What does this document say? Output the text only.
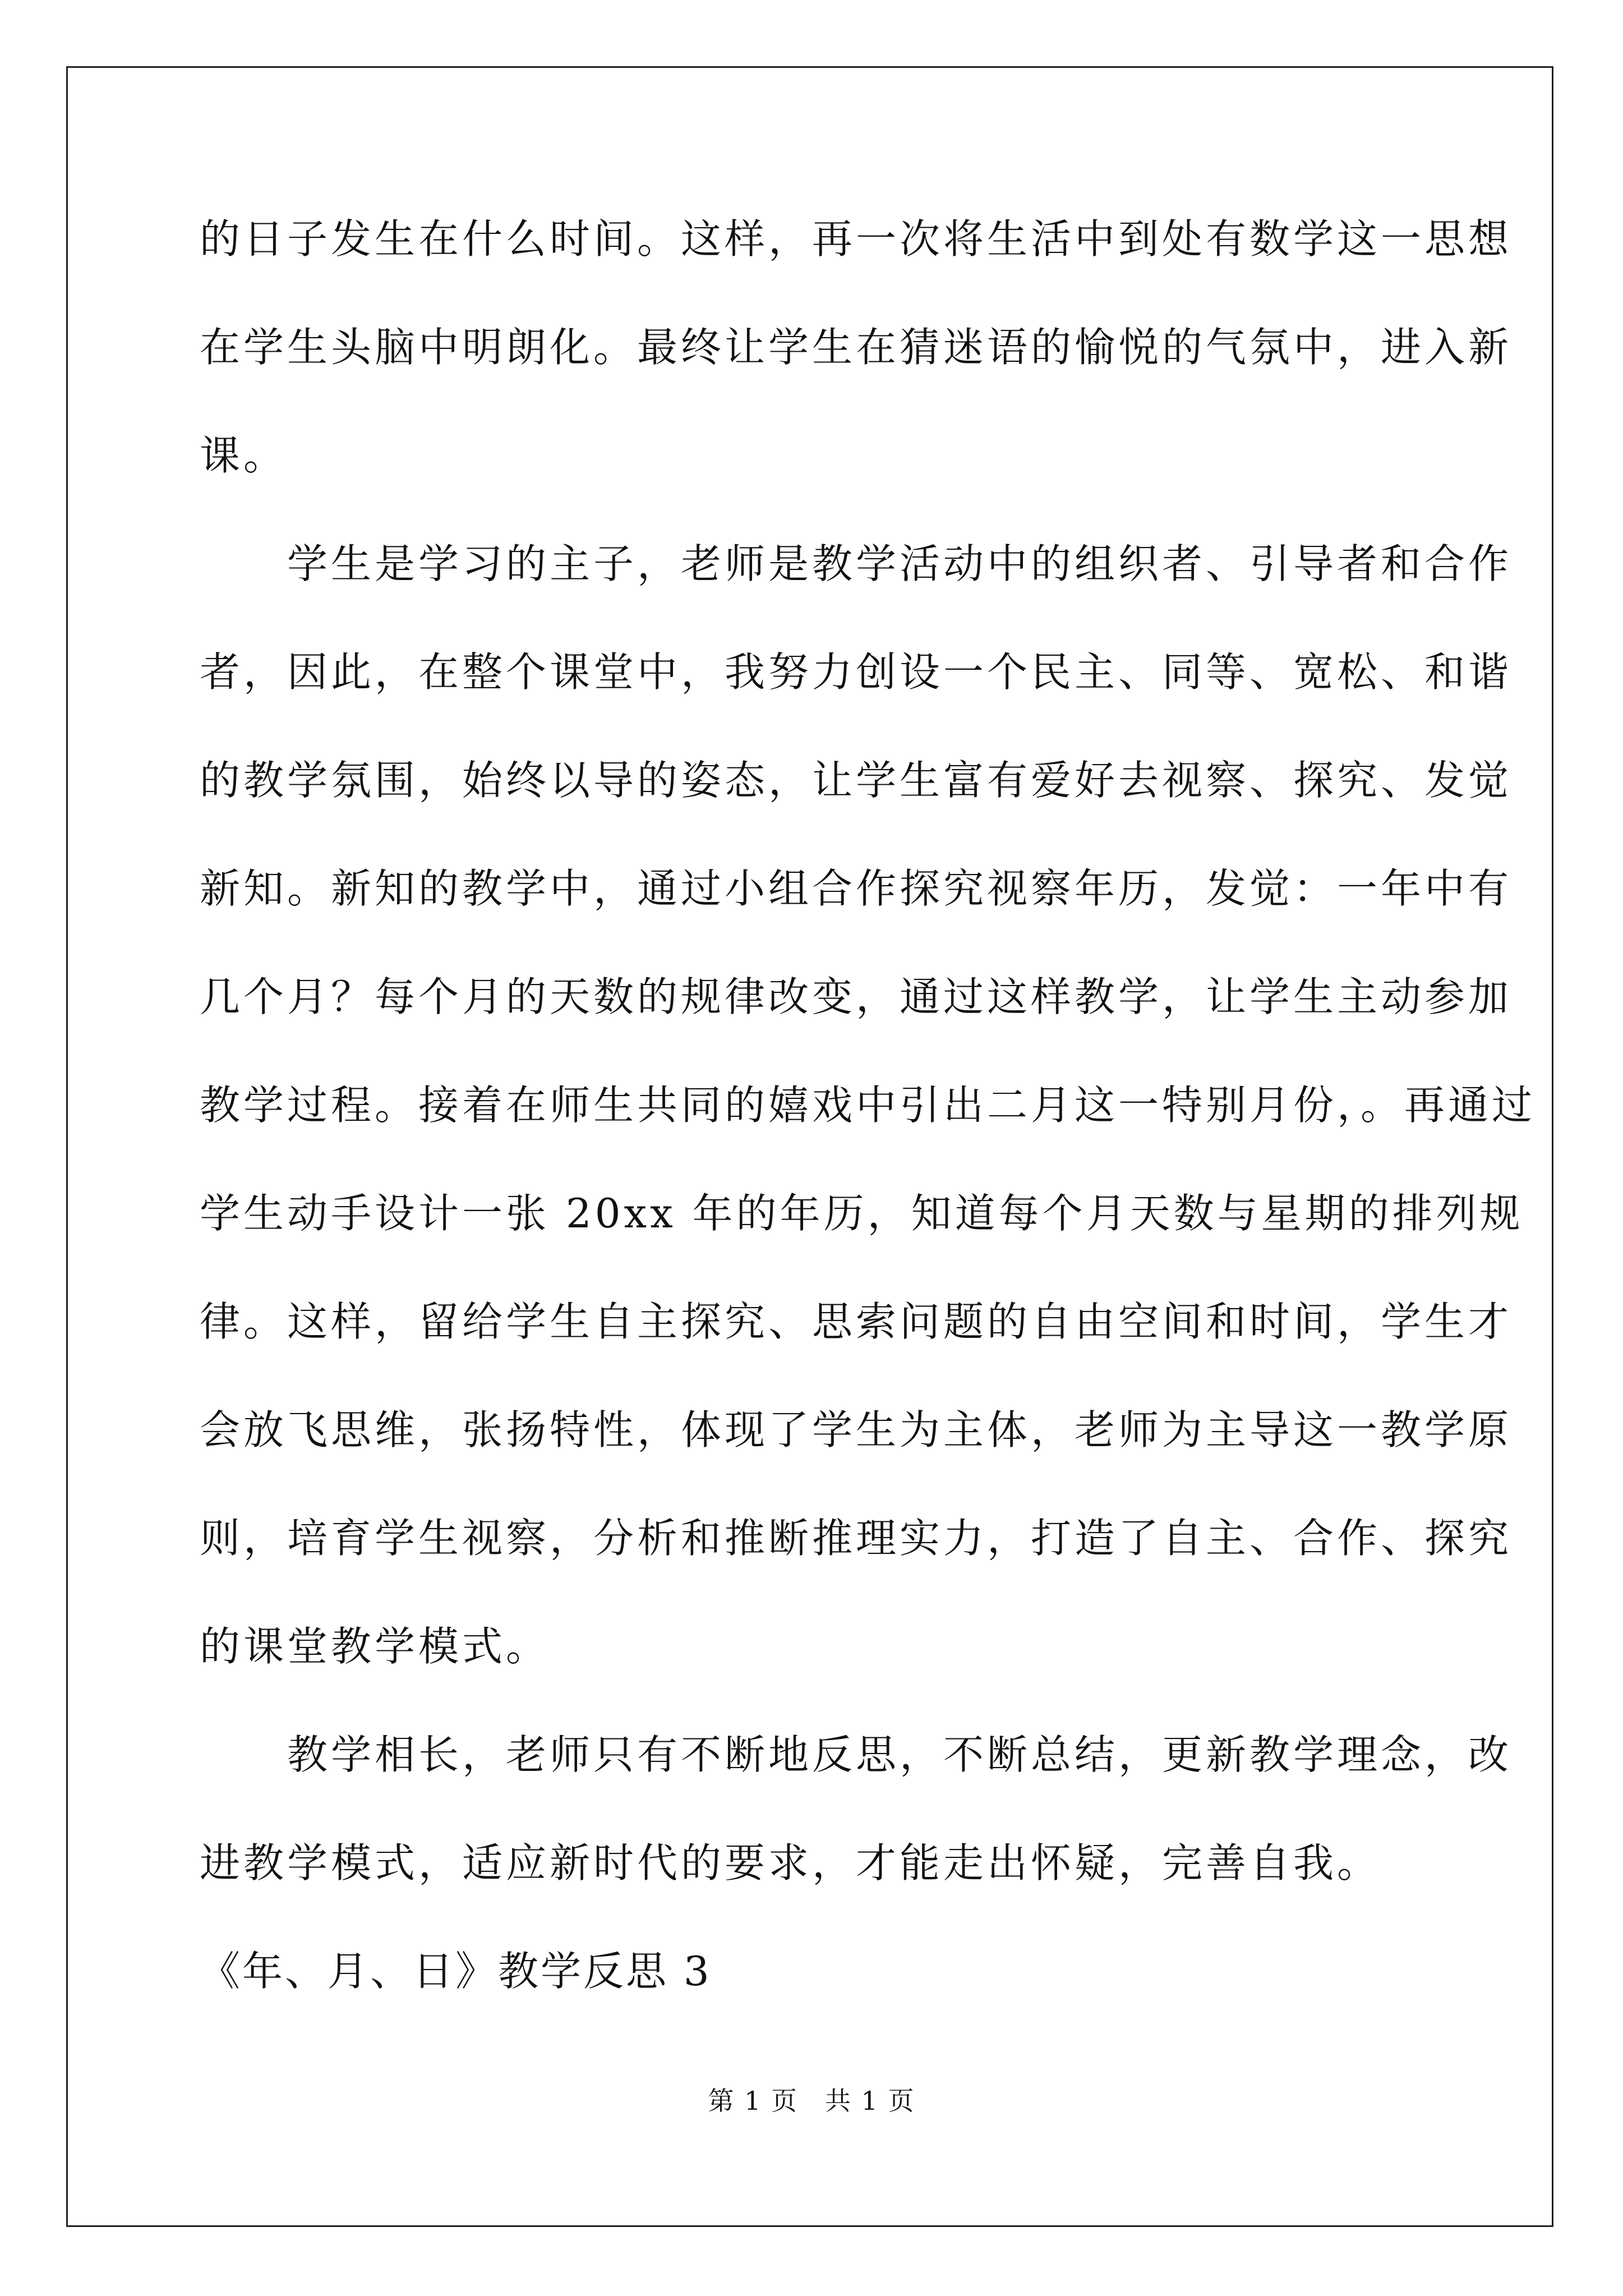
的日子发生在什么时间。这样，再一次将生活中到处有数学这一思想
在学生头脑中明朗化。最终让学生在猜迷语的愉悦的气氛中，进入新
课。
　　学生是学习的主子，老师是教学活动中的组织者、引导者和合作
者，因此，在整个课堂中，我努力创设一个民主、同等、宽松、和谐
的教学氛围，始终以导的姿态，让学生富有爱好去视察、探究、发觉
新知。新知的教学中，通过小组合作探究视察年历，发觉：一年中有
几个月？每个月的天数的规律改变，通过这样教学，让学生主动参加
教学过程。接着在师生共同的嬉戏中引出二月这一特别月份，。再通过
学生动手设计一张 20xx 年的年历，知道每个月天数与星期的排列规
律。这样，留给学生自主探究、思索问题的自由空间和时间，学生才
会放飞思维，张扬特性，体现了学生为主体，老师为主导这一教学原
则，培育学生视察，分析和推断推理实力，打造了自主、合作、探究
的课堂教学模式。
　　教学相长，老师只有不断地反思，不断总结，更新教学理念，改
进教学模式，适应新时代的要求，才能走出怀疑，完善自我。
《年、月、日》教学反思 3
第 1 页　共 1 页
